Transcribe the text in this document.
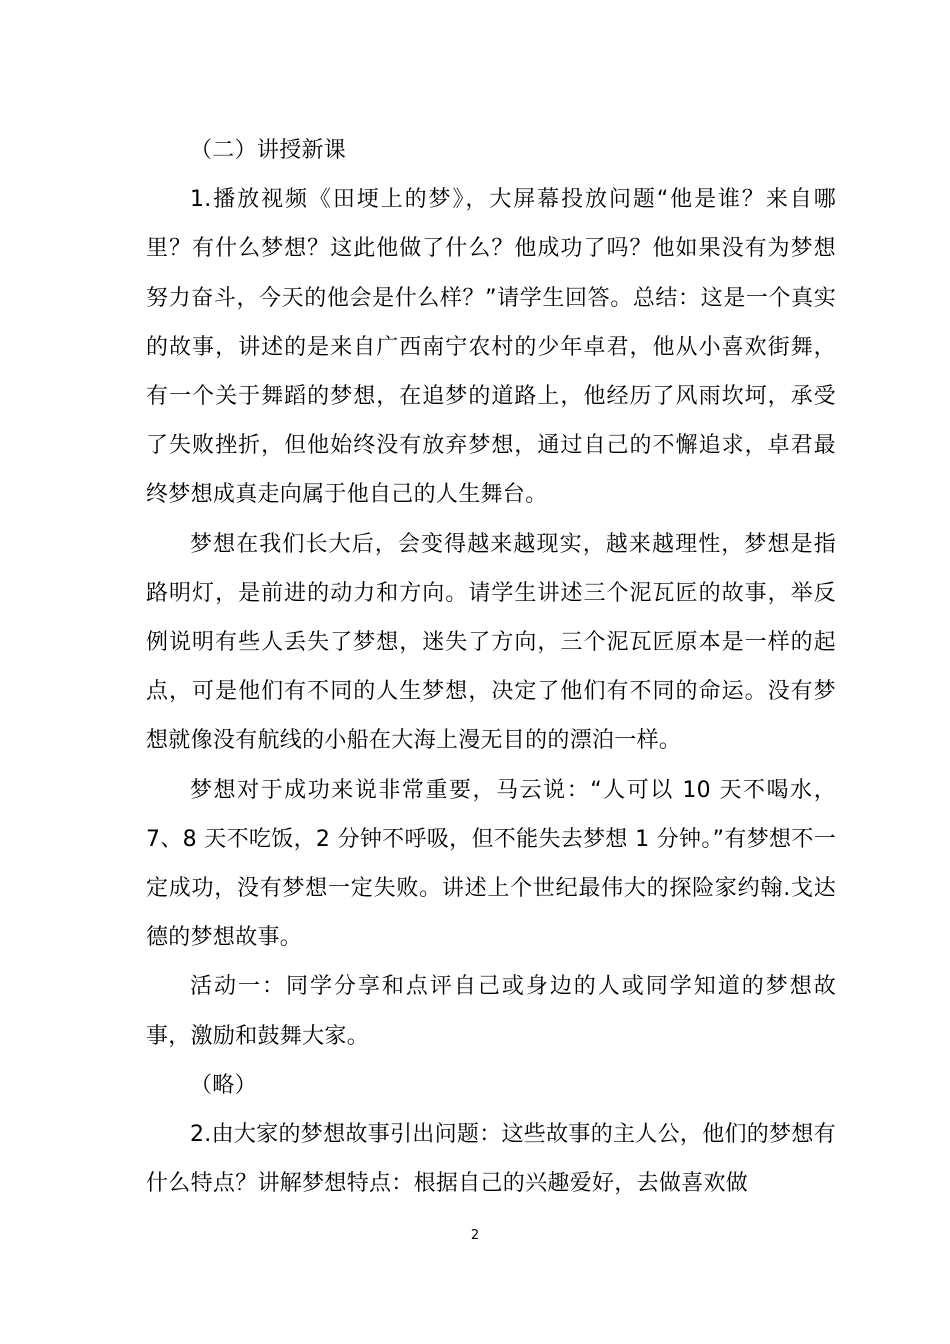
（二）讲授新课

1.播放视频《田埂上的梦》，大屏幕投放问题“他是谁？来自哪里？有什么梦想？这此他做了什么？他成功了吗？他如果没有为梦想努力奋斗，今天的他会是什么样？”请学生回答。总结：这是一个真实的故事，讲述的是来自广西南宁农村的少年卓君，他从小喜欢街舞，有一个关于舞蹈的梦想，在追梦的道路上，他经历了风雨坎坷，承受了失败挫折，但他始终没有放弃梦想，通过自己的不懈追求，卓君最终梦想成真走向属于他自己的人生舞台。

梦想在我们长大后，会变得越来越现实，越来越理性，梦想是指路明灯，是前进的动力和方向。请学生讲述三个泥瓦匠的故事，举反例说明有些人丢失了梦想，迷失了方向，三个泥瓦匠原本是一样的起点，可是他们有不同的人生梦想，决定了他们有不同的命运。没有梦想就像没有航线的小船在大海上漫无目的的漂泊一样。

梦想对于成功来说非常重要，马云说：“人可以 10 天不喝水，7、8 天不吃饭，2 分钟不呼吸，但不能失去梦想 1 分钟。”有梦想不一定成功，没有梦想一定失败。讲述上个世纪最伟大的探险家约翰.戈达德的梦想故事。

活动一：同学分享和点评自己或身边的人或同学知道的梦想故事，激励和鼓舞大家。

（略）

2.由大家的梦想故事引出问题：这些故事的主人公，他们的梦想有什么特点？讲解梦想特点：根据自己的兴趣爱好，去做喜欢做

2
